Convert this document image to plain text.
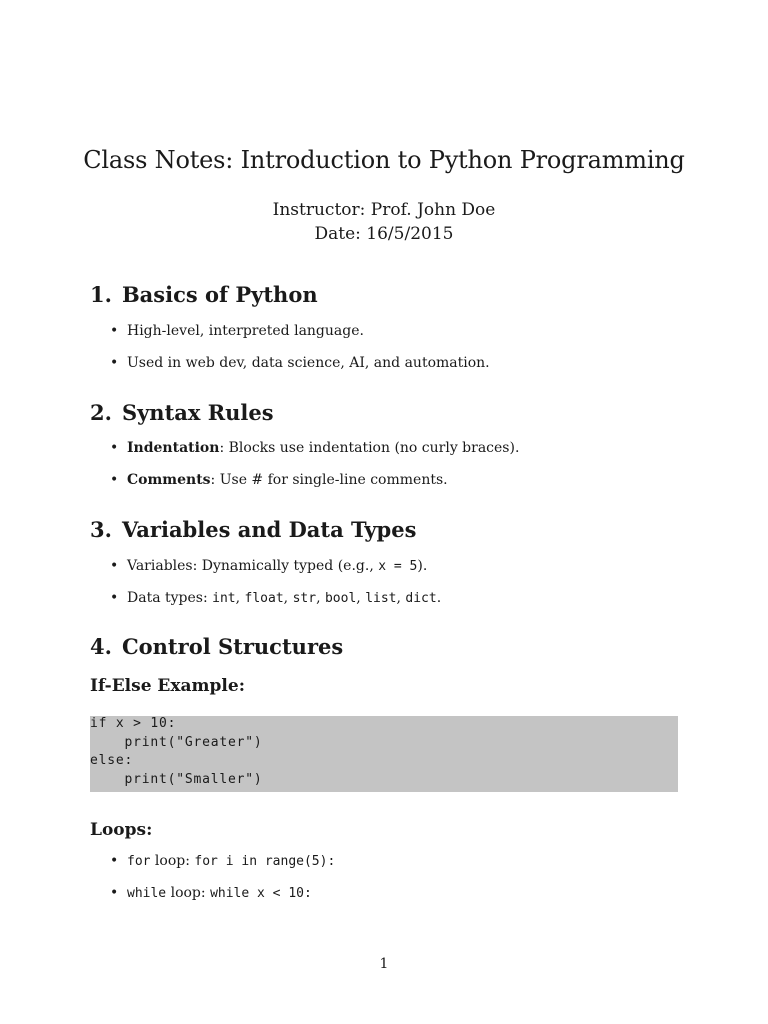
Class Notes: Introduction to Python Programming

Instructor: Prof. John Doe

Date: 16/5/2015

1. Basics of Python

• High-level, interpreted language.

• Used in web dev, data science, AI, and automation.

2. Syntax Rules

• Indentation: Blocks use indentation (no curly braces).

• Comments: Use # for single-line comments.

3. Variables and Data Types

• Variables: Dynamically typed (e.g., x = 5).

• Data types: int, float, str, bool, list, dict.

4. Control Structures
If-Else Example:

if x > 10:

print("Greater")

else:

print("Smaller")

Loops:

• for loop: for i in range(5):

• while loop: while x < 10:

1
